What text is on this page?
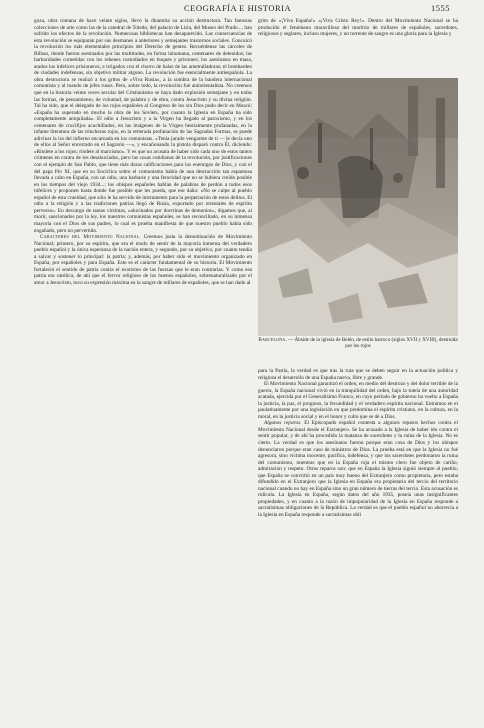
CEOGRAFÍA E HISTORIA	1555

goza, obra romana de hace veinte siglos, llevó la dinamita su acción destructora. Tan famosas colecciones de arte como las de la catedral de Toledo, del palacio de Liria, del Museo del Prado..., han sufrido los efectos de la revolución. Numerosas bibliotecas han desaparecido. Las consecuencias de esta revolución se equiparan por sus desmanes a anteriores y semejantes trastornos sociales. Conculcó la revolución los más elementales principios del Derecho de gentes. Recuérdense las cárceles de Bilbao, donde fueron asesinados por las multitudes, en forma inhumana, centenares de detenidos; las barbaridades cometidas con los rehenes custodiados en buques y prisiones; los asesinatos en masa, atados los infelices prisioneros, e irrigados con el chorro de balas de las ametralladoras; el bombardeo de ciudades indefensas, sin objetivo militar alguno. La revolución fue esencialmente antiespañola. La obra destructora se realizó a los gritos de «Viva Rusia», a la sombra de la bandera internacional comunista y al mando de jefes rusos. Pero, sobre todo, la revolución fué antiorientalista. No creemos que en la historia veinte veces secular del Cristianismo se haya dado explosión semejante y en todas las formas, de pensamiento, de voluntad, de palabra y de obra, contra Jesucristo y su divina religión. Tal ha sido, que el delegado de los rojos españoles al Congreso de los sin Dios pudo decir en Moscú: «España ha superado en mucho la obra de los Soviets, por cuanto la Iglesia en España ha sido completamente aniquilada». El odio a Jesucristo y a la Virgen ha llegado al paroxismo, y en los centenares de crucifijos acuchillados, en las imágenes de la Virgen bestialmente profanadas, en la infame literatura de las trincheras rojas, en la reiterada profanación de las Sagradas Formas, se puede adivinar la ira del infierno encarnada en los comunistas. «Tenía jurado vengarme de ti — le decía uno de ellos al Señor encerrado en el Sagrario —», y encañonando la pistola disparó contra Él, diciendo: «Ríndete a los rojos; ríndete al marxismo». Y es que no acusara de haber sido cada uno de estos tantos crímenes en contra de los desahuciados, pero las cosas cotidianas de la revolución, por justificaciones con el ejemplo de San Pablo, que tiene más duras calificaciones para los enemigos de Dios, y con el del papa Pío XI, que en su Encíclica sobre el comunismo había de una destrucción tan espantosa llevada a cabo en España, con un odio, una barbarie y una ferocidad que no se hubiera creído posible en los tiempos del viejo 1934...; los obispos españoles hablan de palabras de perdón a todos esos infelices y proponen hasta donde fue posible que les pueda, que ese daño: «No se culpe al pueblo español de esta crueldad, que sólo le ha servido de instrumento para la perpetración de estos delitos. El odio a la religión y a las tradiciones patrias llegó de Rusia, exportado por orientales de espíritu perverso». En descargo de tantas víctimas, «alucinados por doctrinas de demonios», digamos que, al morir, sancionados por la ley, los nuestros comunistas españoles, se han reconciliado, en su inmensa mayoría con el Dios de sus padres, lo cual es prueba manifiesta de que nuestro pueblo había sido engañado, pero no pervertido.

Caracteres del Movimiento Nacional. Creemos justa la denominación de Movimiento Nacional; primero, por su espíritu, que era el modo de sentir de la mayoría inmensa del verdadero pueblo español y la única esperanza de la nación entera, y segundo, por su objetivo, por cuanto tendía a salvar y sostener lo principal: la patria; y, además, por haber sido el movimiento organizado en España, por españoles y para España. Este es el carácter fundamental de su historia. El Movimiento fortaleció el sentido de patria contra el exotismo de las fuerzas que le eran contrarias. Y como esa patria era católica, de ahí que el fervor religioso de los buenos españoles, sobrenaturalizado por el amor a Jesucristo, tuvo su expresión máxima en la sangre de millares de españoles, que se han dado al

grito de «¡Viva España!» «¡Viva Cristo Rey!». Dentro del Movimiento Nacional se ha producido el fenómeno maravilloso del martirio de millares de españoles, sacerdotes, religiosos y seglares, incluso mujeres, y un torrente de sangre es una gloria para la Iglesia y

Barcelona. — Ábside de la iglesia de Belén, de estilo barroco (siglos XVII y XVIII), destruida por los rojos

para la Patria, la verdad es que tras la ruta que se deben seguir en la actuación política y religiosa el desarrollo de una España nueva, libre y grande.

El Movimiento Nacional garantizó el orden, en medio del destrozo y del dolor terrible de la guerra, la España nacional vivió en la tranquilidad del orden, bajo la tutela de una autoridad acatada, ejercida por el Generalísimo Franco, en cuyo período de gobierno ha vuelto a España la justicia, la paz, el progreso, la fecundidad y el verdadero espíritu nacional. Entramos en el paulatinamente por una legislación en que predomina el espíritu cristiano, en la cultura, en la moral, en la justicia social y en el honor y culto que se dé a Dios.

Algunos reparos. El Episcopado español contesta a algunos reparos hechos contra el Movimiento Nacional desde el Extranjero. Se ha acusado a la Iglesia de haber ido contra el sentir popular, y de ahí ha procedido la matanza de sacerdotes y la ruina de la Iglesia. No es cierto. La verdad es que los asesinatos fueron porque eran cosa de Dios y los obispos denunciaron porque eran caso de ministros de Dios. La prueba está en que la Iglesia no fué agresora, sino víctima inocente, pacífica, indefensa, y que los sacerdotes perdonaron la ruina del comunismo, mientras que en la España roja el mismo clero fue objeto de cariño, admiración y respeto. Otros reparos son: que en España la Iglesia siguió siempre al pueblo; que España se convirtió en un país muy bueno del Extranjero como propietaria, pero estaba difundido en el Extranjero que la Iglesia en España era propietaria del tercio del territorio nacional cuando no hay en España sino un gran número de tierras del tercio. Esta acusación es ridícula. La Iglesia en España, según datos del año 1935, poseía unas insignificantes propiedades, y en cuanto a la razón de impopularidad de la Iglesia en España responde a sacratísimas obligaciones de la República. La verdad es que el pueblo español no aborrecía a la Iglesia en España responde a sacratísimas obli
